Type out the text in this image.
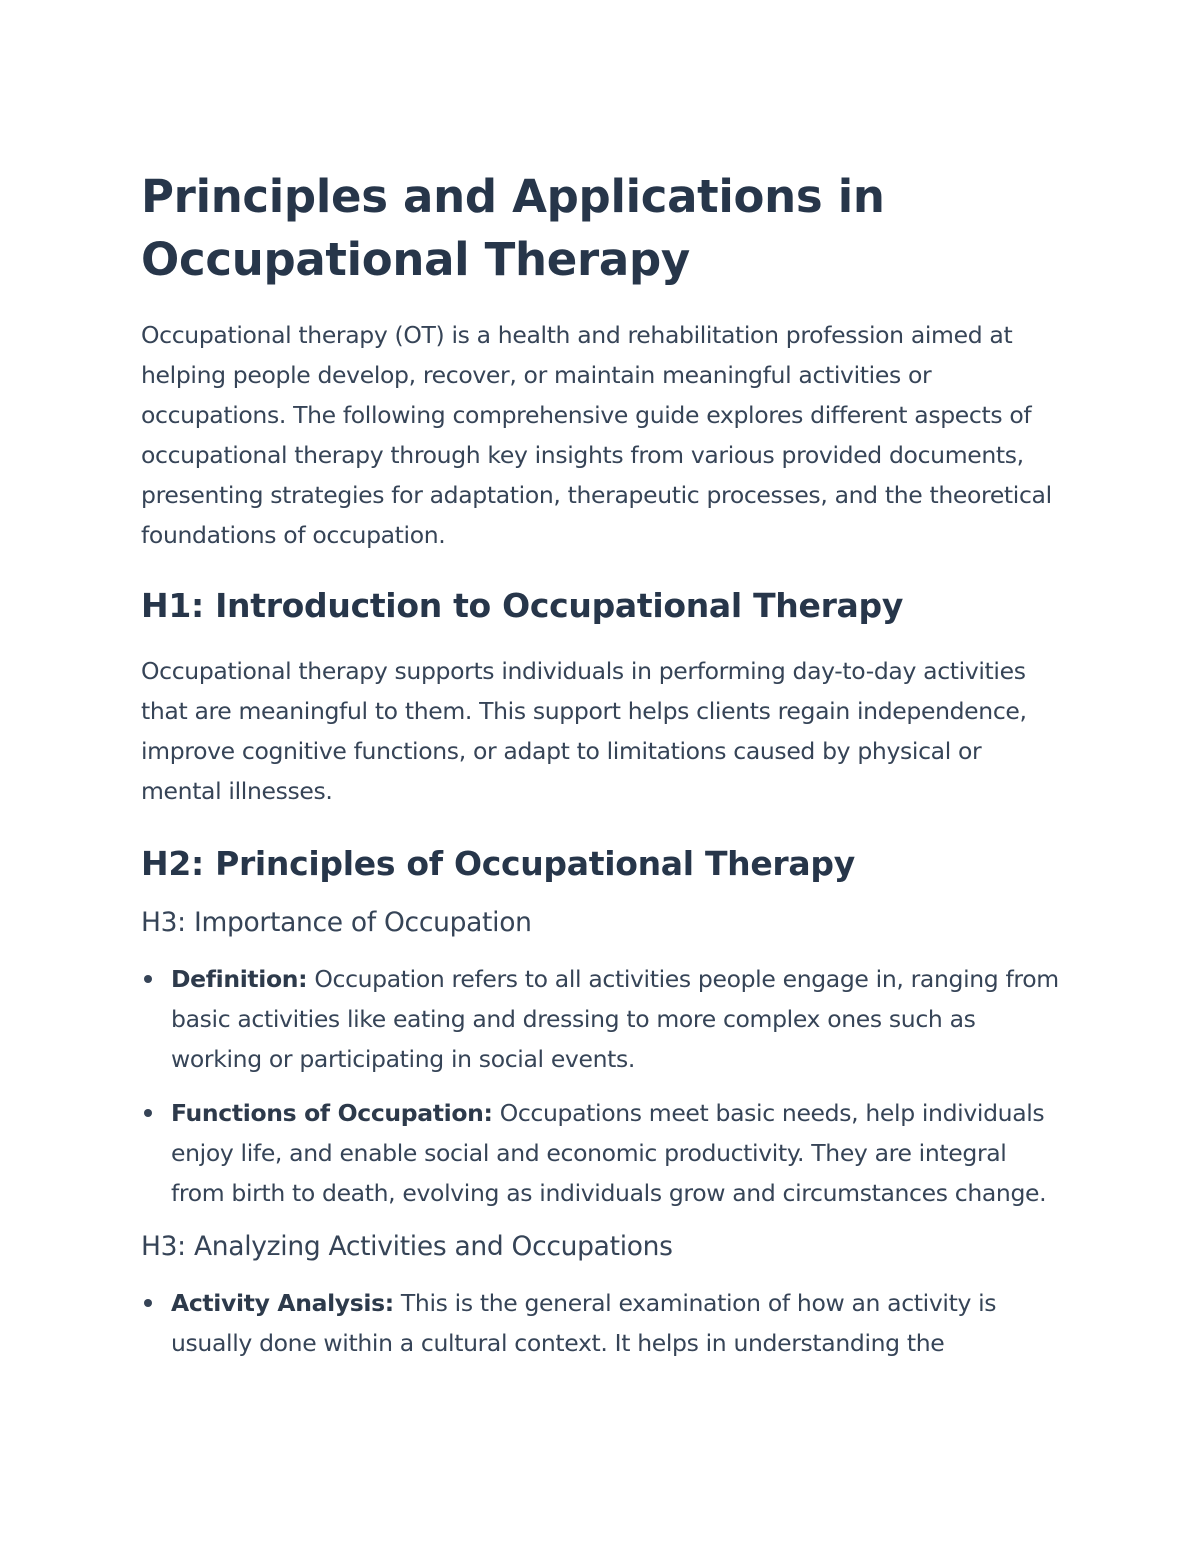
Principles and Applications in Occupational Therapy

Occupational therapy (OT) is a health and rehabilitation profession aimed at helping people develop, recover, or maintain meaningful activities or occupations. The following comprehensive guide explores different aspects of occupational therapy through key insights from various provided documents, presenting strategies for adaptation, therapeutic processes, and the theoretical foundations of occupation.

H1: Introduction to Occupational Therapy

Occupational therapy supports individuals in performing day-to-day activities that are meaningful to them. This support helps clients regain independence, improve cognitive functions, or adapt to limitations caused by physical or mental illnesses.

H2: Principles of Occupational Therapy
H3: Importance of Occupation
Definition: Occupation refers to all activities people engage in, ranging from basic activities like eating and dressing to more complex ones such as working or participating in social events.
Functions of Occupation: Occupations meet basic needs, help individuals enjoy life, and enable social and economic productivity. They are integral from birth to death, evolving as individuals grow and circumstances change.
H3: Analyzing Activities and Occupations
Activity Analysis: This is the general examination of how an activity is usually done within a cultural context. It helps in understanding the
